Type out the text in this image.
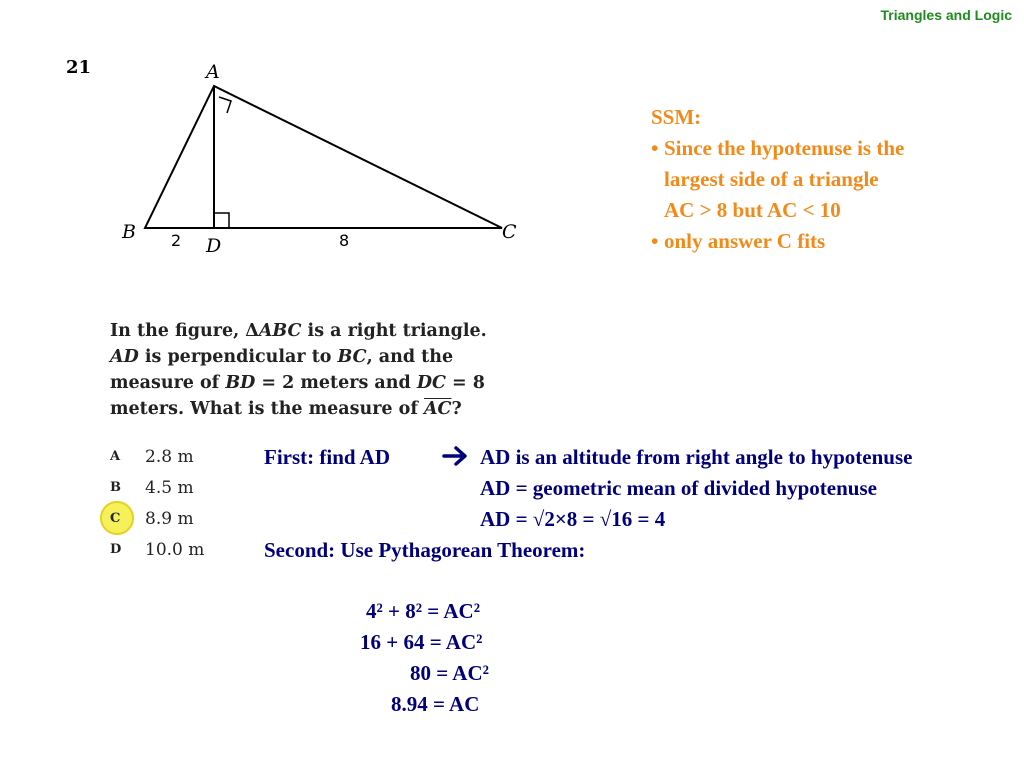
Triangles and Logic
21	A
B	C
D
2	8
SSM:
• Since the hypotenuse is the
largest side of a triangle
AC > 8 but AC < 10
• only answer C fits
In the figure, ΔABC is a right triangle.
AD is perpendicular to BC, and the
measure of BD = 2 meters and DC = 8
meters. What is the measure of $\overline{AC}$?
A	2.8 m
B	4.5 m
C	8.9 m
D	10.0 m
First: find AD	AD is an altitude from right angle to hypotenuse
AD = geometric mean of divided hypotenuse
AD = √2×8 = √16 = 4
Second: Use Pythagorean Theorem:
4² + 8² = AC²
16 + 64 = AC²
80 = AC²
8.94 = AC
